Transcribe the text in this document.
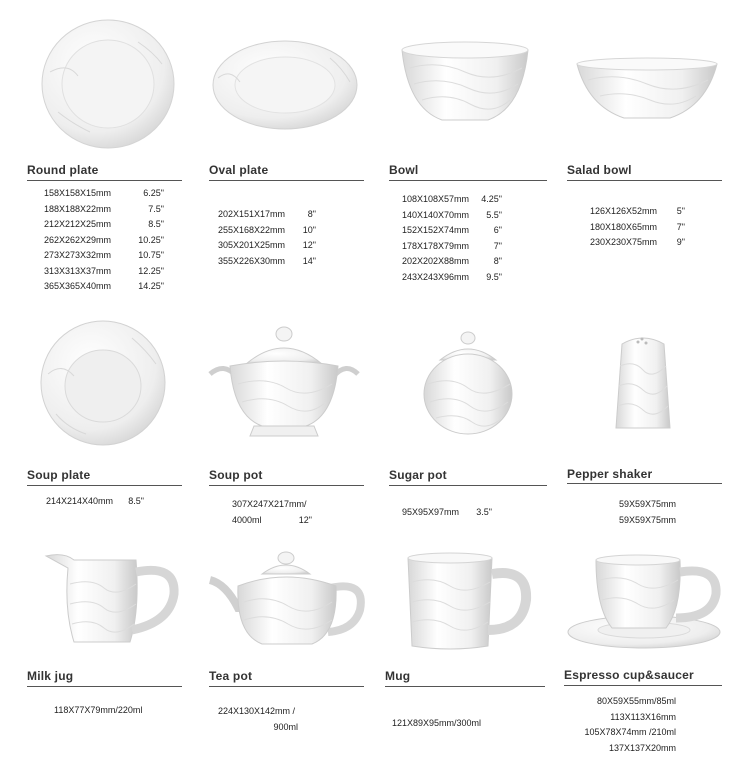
Round plate
158X158X15mm	6.25"
188X188X22mm	7.5"
212X212X25mm	8.5"
262X262X29mm	10.25"
273X273X32mm	10.75"
313X313X37mm	12.25"
365X365X40mm	14.25"
Oval plate
202X151X17mm	8"
255X168X22mm 10"
305X201X25mm 12"
355X226X30mm 14"
Bowl
108X108X57mm 4.25"
140X140X70mm 5.5"
152X152X74mm	6"
178X178X79mm	7"
202X202X88mm	8"
243X243X96mm 9.5"
Salad bowl
126X126X52mm 5"
180X180X65mm 7"
230X230X75mm 9"
Soup plate
214X214X40mm 8.5"
Soup pot
307X247X217mm/
4000ml	12"
Sugar pot
95X95X97mm 3.5"
Pepper shaker
59X59X75mm
59X59X75mm
Milk jug
118X77X79mm/220ml
Tea pot
224X130X142mm /
900ml
Mug
121X89X95mm/300ml
Espresso cup&saucer
80X59X55mm/85ml
113X113X16mm
105X78X74mm /210ml
137X137X20mm
